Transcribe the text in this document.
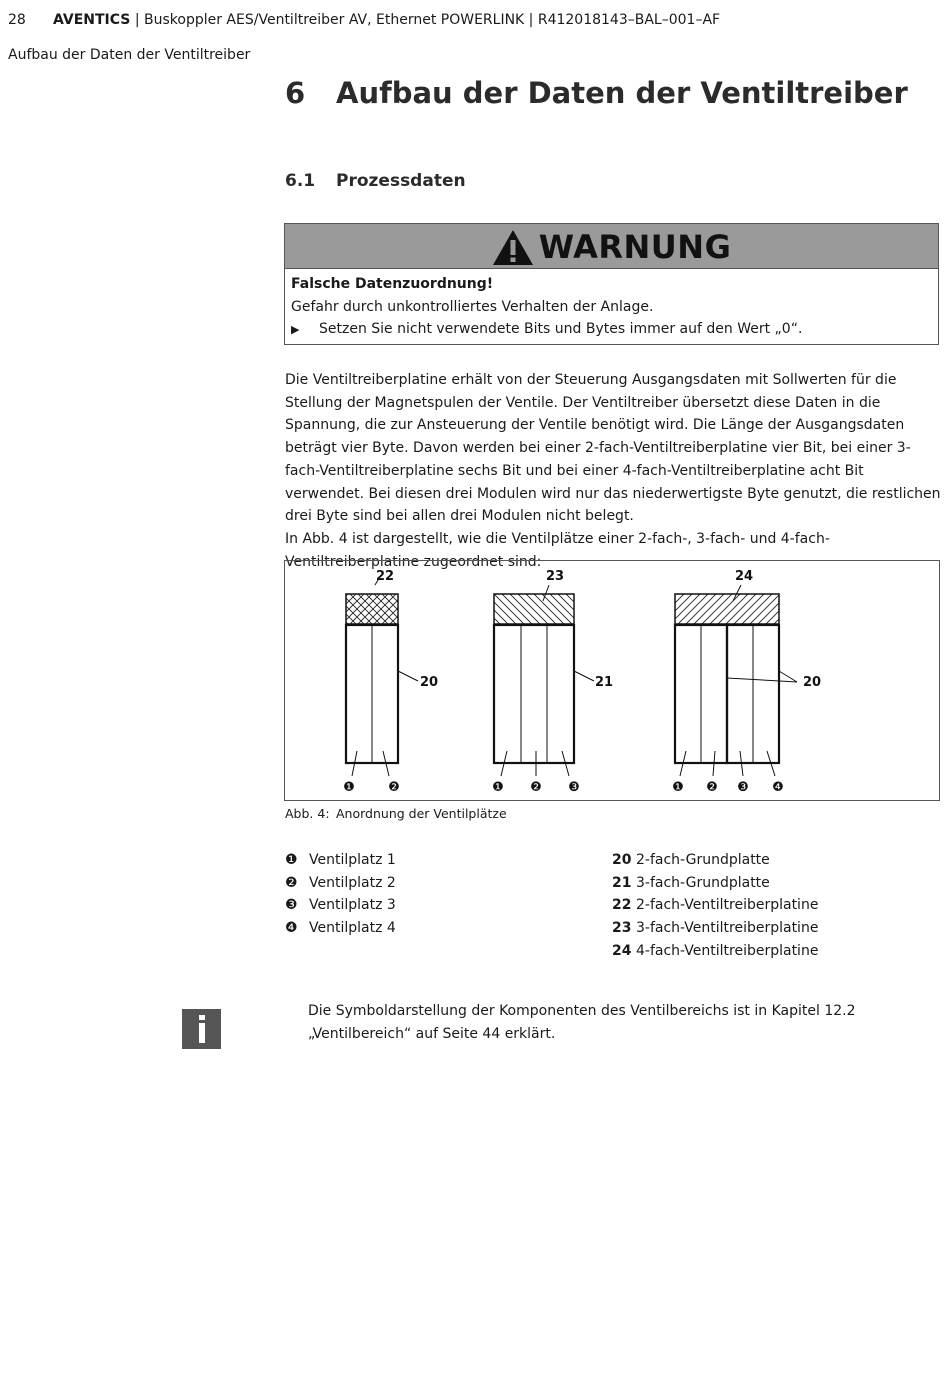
28 AVENTICS | Buskoppler AES/Ventiltreiber AV, Ethernet POWERLINK | R412018143–BAL–001–AF
Aufbau der Daten der Ventiltreiber
6 Aufbau der Daten der Ventiltreiber
6.1 Prozessdaten
WARNUNG
Falsche Datenzuordnung!
Gefahr durch unkontrolliertes Verhalten der Anlage.
▶ Setzen Sie nicht verwendete Bits und Bytes immer auf den Wert „0“.

Die Ventiltreiberplatine erhält von der Steuerung Ausgangsdaten mit Sollwerten für die Stellung der Magnetspulen der Ventile. Der Ventiltreiber übersetzt diese Daten in die Spannung, die zur Ansteuerung der Ventile benötigt wird. Die Länge der Ausgangsdaten beträgt vier Byte. Davon werden bei einer 2-fach-Ventiltreiberplatine vier Bit, bei einer 3-fach-Ventiltreiberplatine sechs Bit und bei einer 4-fach-Ventiltreiberplatine acht Bit verwendet. Bei diesen drei Modulen wird nur das niederwertigste Byte genutzt, die restlichen drei Byte sind bei allen drei Modulen nicht belegt.

In Abb. 4 ist dargestellt, wie die Ventilplätze einer 2-fach-, 3-fach- und 4-fach-Ventiltreiberplatine zugeordnet sind:

22	23	24
20	21	20
❶	❷	❶ ❷ ❸	❶ ❷ ❸ ❹
Abb. 4: Anordnung der Ventilplätze
❶ Ventilplatz 1
❷ Ventilplatz 2
❸ Ventilplatz 3
❹ Ventilplatz 4
20 2-fach-Grundplatte
21 3-fach-Grundplatte
22 2-fach-Ventiltreiberplatine
23 3-fach-Ventiltreiberplatine
24 4-fach-Ventiltreiberplatine
Die Symboldarstellung der Komponenten des Ventilbereichs ist in Kapitel 12.2 „Ventilbereich“ auf Seite 44 erklärt.
